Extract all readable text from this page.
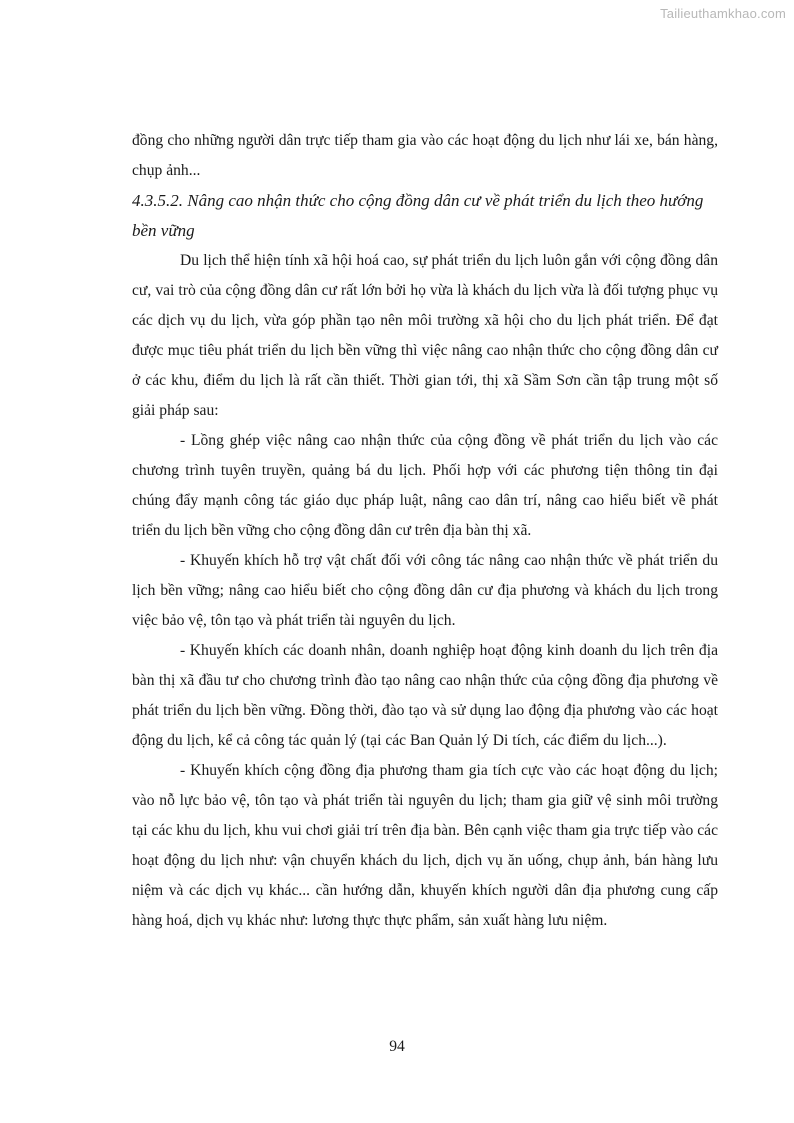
Tailieuthamkhao.com

đồng cho những người dân trực tiếp tham gia vào các hoạt động du lịch như lái xe, bán hàng, chụp ảnh...

4.3.5.2. Nâng cao nhận thức cho cộng đồng dân cư về phát triển du lịch theo hướng bền vững

Du lịch thể hiện tính xã hội hoá cao, sự phát triển du lịch luôn gắn với cộng đồng dân cư, vai trò của cộng đồng dân cư rất lớn bởi họ vừa là khách du lịch vừa là đối tượng phục vụ các dịch vụ du lịch, vừa góp phần tạo nên môi trường xã hội cho du lịch phát triển. Để đạt được mục tiêu phát triển du lịch bền vững thì việc nâng cao nhận thức cho cộng đồng dân cư ở các khu, điểm du lịch là rất cần thiết. Thời gian tới, thị xã Sầm Sơn cần tập trung một số giải pháp sau:

- Lồng ghép việc nâng cao nhận thức của cộng đồng về phát triển du lịch vào các chương trình tuyên truyền, quảng bá du lịch. Phối hợp với các phương tiện thông tin đại chúng đẩy mạnh công tác giáo dục pháp luật, nâng cao dân trí, nâng cao hiểu biết về phát triển du lịch bền vững cho cộng đồng dân cư trên địa bàn thị xã.

- Khuyến khích hỗ trợ vật chất đối với công tác nâng cao nhận thức về phát triển du lịch bền vững; nâng cao hiểu biết cho cộng đồng dân cư địa phương và khách du lịch trong việc bảo vệ, tôn tạo và phát triển tài nguyên du lịch.

- Khuyến khích các doanh nhân, doanh nghiệp hoạt động kinh doanh du lịch trên địa bàn thị xã đầu tư cho chương trình đào tạo nâng cao nhận thức của cộng đồng địa phương về phát triển du lịch bền vững. Đồng thời, đào tạo và sử dụng lao động địa phương vào các hoạt động du lịch, kể cả công tác quản lý (tại các Ban Quản lý Di tích, các điểm du lịch...).

- Khuyến khích cộng đồng địa phương tham gia tích cực vào các hoạt động du lịch; vào nỗ lực bảo vệ, tôn tạo và phát triển tài nguyên du lịch; tham gia giữ vệ sinh môi trường tại các khu du lịch, khu vui chơi giải trí trên địa bàn. Bên cạnh việc tham gia trực tiếp vào các hoạt động du lịch như: vận chuyển khách du lịch, dịch vụ ăn uống, chụp ảnh, bán hàng lưu niệm và các dịch vụ khác... cần hướng dẫn, khuyến khích người dân địa phương cung cấp hàng hoá, dịch vụ khác như: lương thực thực phẩm, sản xuất hàng lưu niệm.

94
